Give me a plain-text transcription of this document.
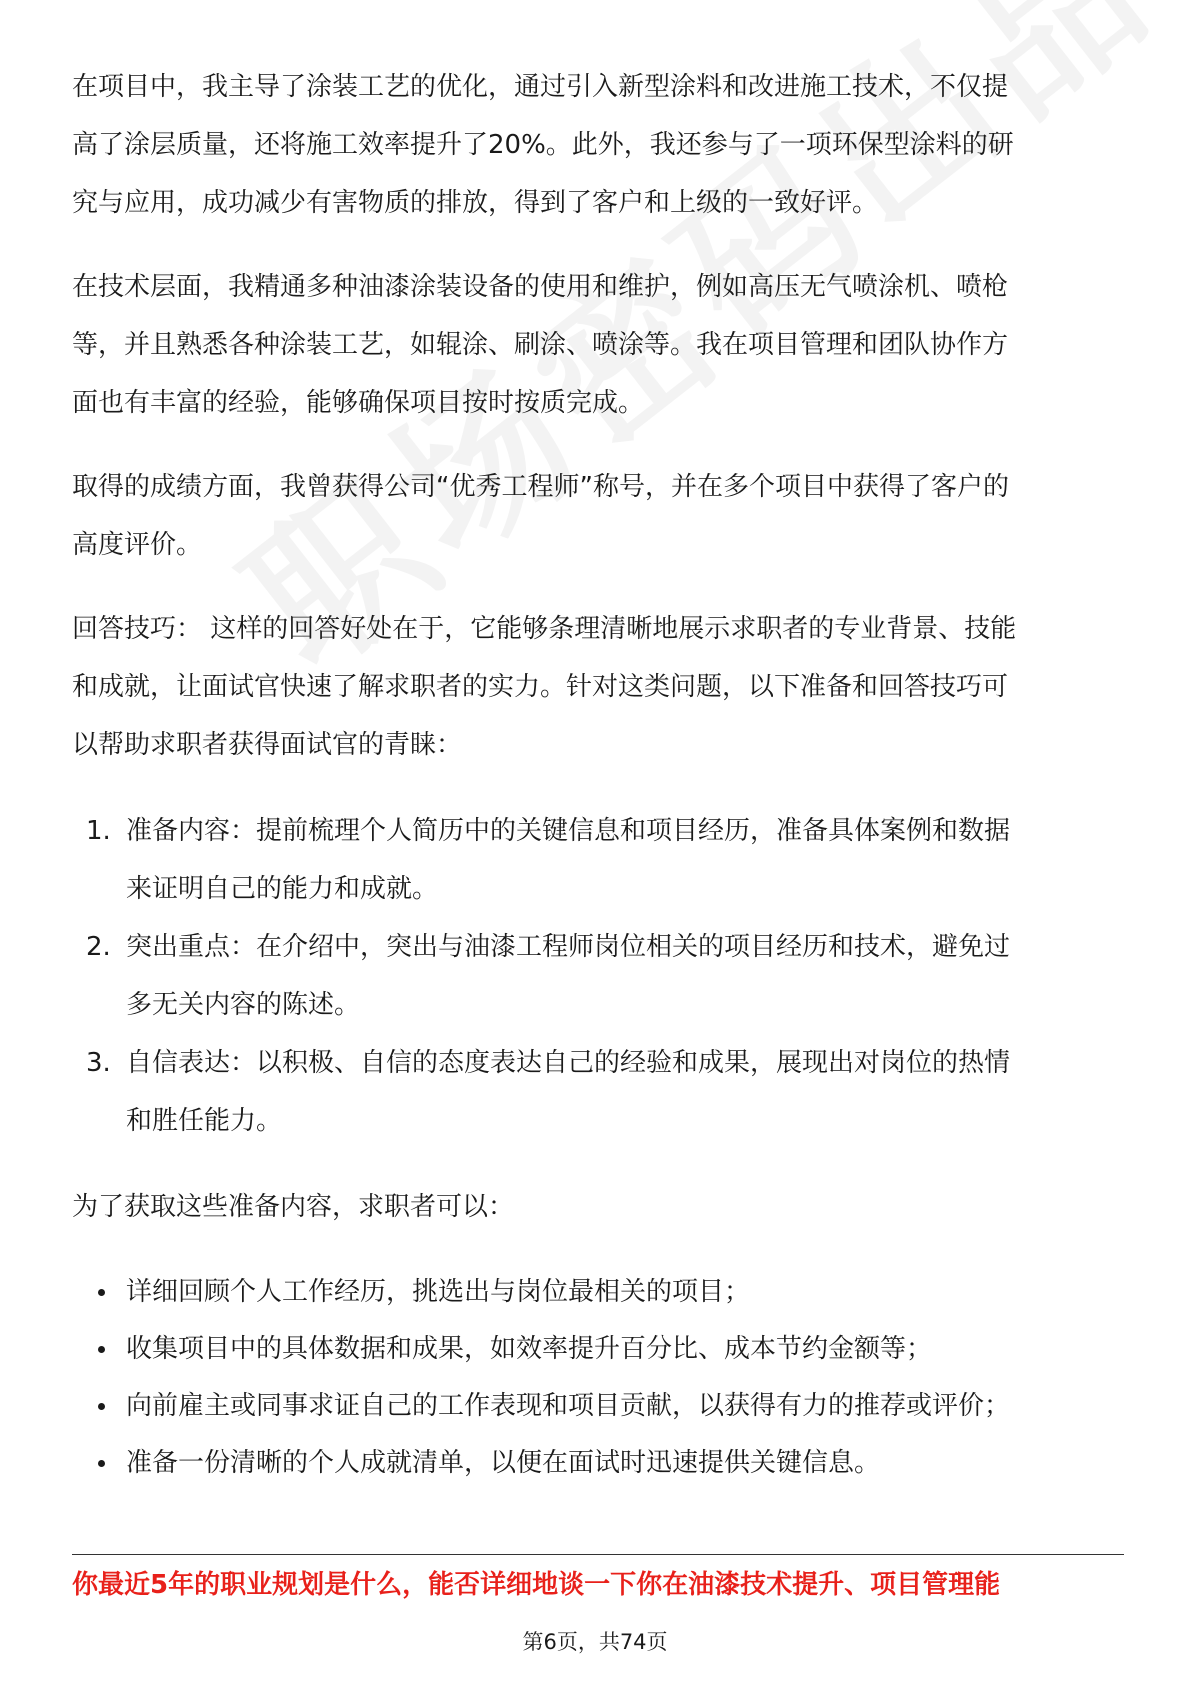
在项目中，我主导了涂装工艺的优化，通过引入新型涂料和改进施工技术，不仅提

高了涂层质量，还将施工效率提升了20%。此外，我还参与了一项环保型涂料的研

究与应用，成功减少有害物质的排放，得到了客户和上级的一致好评。

在技术层面，我精通多种油漆涂装设备的使用和维护，例如高压无气喷涂机、喷枪

等，并且熟悉各种涂装工艺，如辊涂、刷涂、喷涂等。我在项目管理和团队协作方

面也有丰富的经验，能够确保项目按时按质完成。

取得的成绩方面，我曾获得公司“优秀工程师”称号，并在多个项目中获得了客户的

高度评价。

回答技巧： 这样的回答好处在于，它能够条理清晰地展示求职者的专业背景、技能

和成就，让面试官快速了解求职者的实力。针对这类问题，以下准备和回答技巧可

以帮助求职者获得面试官的青睐：

1. 准备内容：提前梳理个人简历中的关键信息和项目经历，准备具体案例和数据
来证明自己的能力和成就。
2. 突出重点：在介绍中，突出与油漆工程师岗位相关的项目经历和技术，避免过
多无关内容的陈述。
3. 自信表达：以积极、自信的态度表达自己的经验和成果，展现出对岗位的热情
和胜任能力。

为了获取这些准备内容，求职者可以：

详细回顾个人工作经历，挑选出与岗位最相关的项目；
收集项目中的具体数据和成果，如效率提升百分比、成本节约金额等；
向前雇主或同事求证自己的工作表现和项目贡献，以获得有力的推荐或评价；
准备一份清晰的个人成就清单，以便在面试时迅速提供关键信息。
你最近5年的职业规划是什么，能否详细地谈一下你在油漆技术提升、项目管理能
第6页，共74页
